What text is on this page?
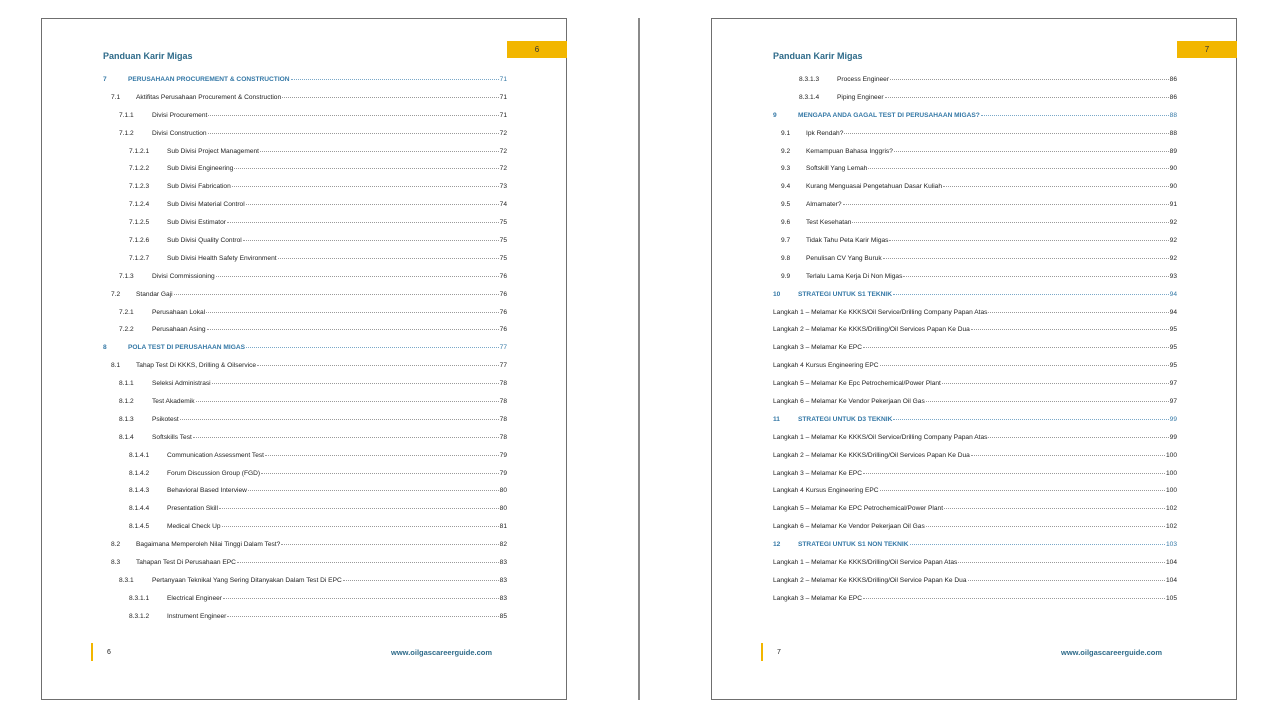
6
Panduan Karir Migas
7	PERUSAHAAN PROCUREMENT & CONSTRUCTION	71
7.1	Aktifitas Perusahaan Procurement & Construction	71
7.1.1	Divisi Procurement	71
7.1.2	Divisi Construction	72
7.1.2.1	Sub Divisi Project Management	72
7.1.2.2	Sub Divisi Engineering	72
7.1.2.3	Sub Divisi Fabrication	73
7.1.2.4	Sub Divisi Material Control	74
7.1.2.5	Sub Divisi Estimator	75
7.1.2.6	Sub Divisi Quality Control	75
7.1.2.7	Sub Divisi Health Safety Environment	75
7.1.3	Divisi Commissioning	76
7.2	Standar Gaji	76
7.2.1	Perusahaan Lokal	76
7.2.2	Perusahaan Asing	76
8	POLA TEST DI PERUSAHAAN MIGAS	77
8.1	Tahap Test Di KKKS, Drilling & Oilservice	77
8.1.1	Seleksi Administrasi	78
8.1.2	Test Akademik	78
8.1.3	Psikotest	78
8.1.4	Softskills Test	78
8.1.4.1	Communication Assessment Test	79
8.1.4.2	Forum Discussion Group (FGD)	79
8.1.4.3	Behavioral Based Interview	80
8.1.4.4	Presentation Skill	80
8.1.4.5	Medical Check Up	81
8.2	Bagaimana Memperoleh Nilai Tinggi Dalam Test?	82
8.3	Tahapan Test Di Perusahaan EPC	83
8.3.1	Pertanyaan Teknikal Yang Sering Ditanyakan Dalam Test Di EPC	83
8.3.1.1	Electrical Engineer	83
8.3.1.2	Instrument Engineer	85
6	www.oilgascareerguide.com
7
Panduan Karir Migas
8.3.1.3	Process Engineer	86
8.3.1.4	Piping Engineer	86
9	MENGAPA ANDA GAGAL TEST DI PERUSAHAAN MIGAS?	88
9.1	Ipk Rendah?	88
9.2	Kemampuan Bahasa Inggris?	89
9.3	Softskill Yang Lemah	90
9.4	Kurang Menguasai Pengetahuan Dasar Kuliah	90
9.5	Almamater?	91
9.6	Test Kesehatan	92
9.7	Tidak Tahu Peta Karir Migas	92
9.8	Penulisan CV Yang Buruk	92
9.9	Terlalu Lama Kerja Di Non Migas	93
10	STRATEGI UNTUK S1 TEKNIK	94
Langkah 1 – Melamar Ke KKKS/Oil Service/Drilling Company Papan Atas	94
Langkah 2 – Melamar Ke KKKS/Drilling/Oil Services Papan Ke Dua	95
Langkah 3 – Melamar Ke EPC	95
Langkah 4 Kursus Engineering EPC	95
Langkah 5 – Melamar Ke Epc Petrochemical/Power Plant	97
Langkah 6 – Melamar Ke Vendor Pekerjaan Oil Gas	97
11	STRATEGI UNTUK D3 TEKNIK	99
Langkah 1 – Melamar Ke KKKS/Oil Service/Drilling Company Papan Atas	99
Langkah 2 – Melamar Ke KKKS/Drilling/Oil Services Papan Ke Dua	100
Langkah 3 – Melamar Ke EPC	100
Langkah 4 Kursus Engineering EPC	100
Langkah 5 – Melamar Ke EPC Petrochemical/Power Plant	102
Langkah 6 – Melamar Ke Vendor Pekerjaan Oil Gas	102
12	STRATEGI UNTUK S1 NON TEKNIK	103
Langkah 1 – Melamar Ke KKKS/Drilling/Oil Service Papan Atas	104
Langkah 2 – Melamar Ke KKKS/Drilling/Oil Service Papan Ke Dua	104
Langkah 3 – Melamar Ke EPC	105
7	www.oilgascareerguide.com
